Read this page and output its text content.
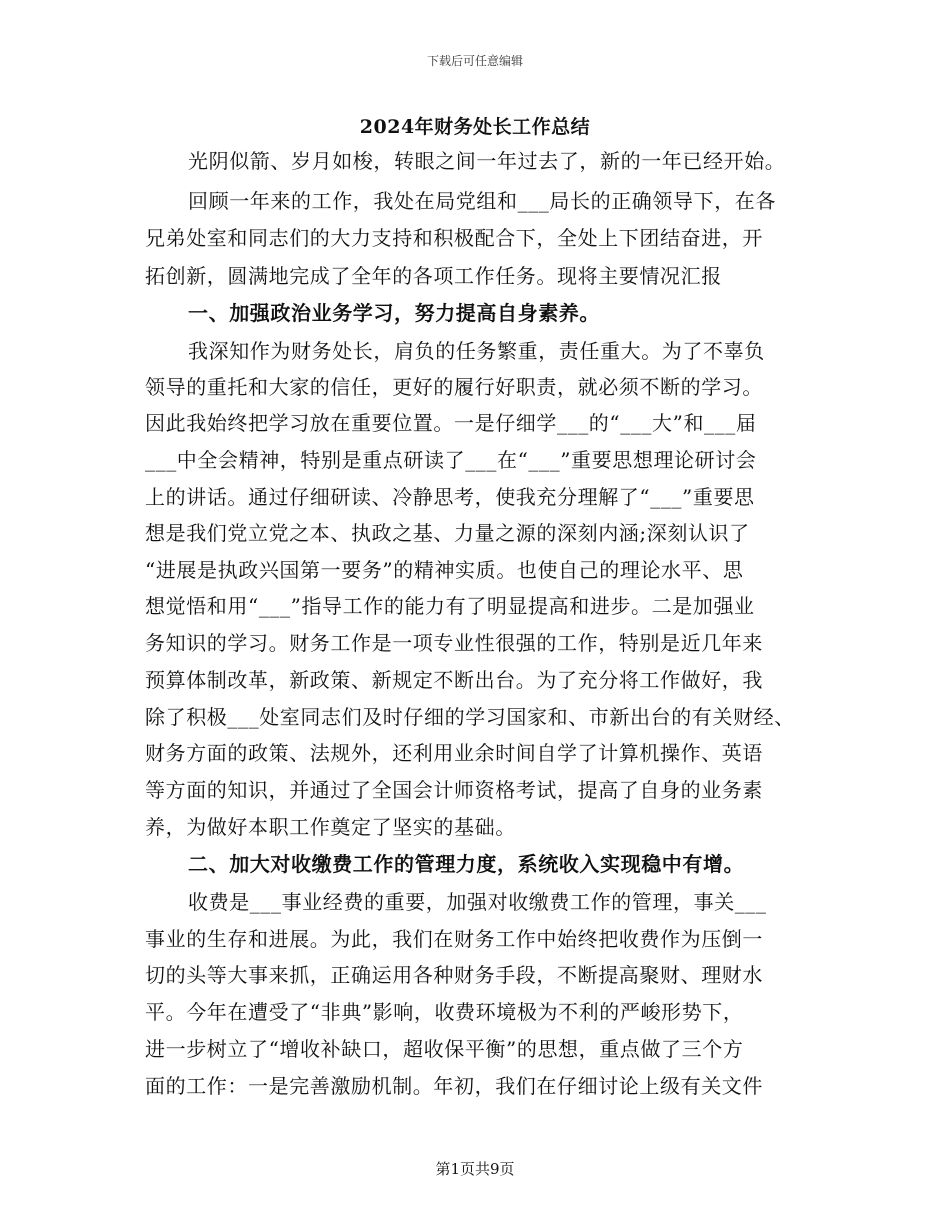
下载后可任意编辑
2024年财务处长工作总结
光阴似箭、岁月如梭，转眼之间一年过去了，新的一年已经开始。
回顾一年来的工作，我处在局党组和___局长的正确领导下，在各
兄弟处室和同志们的大力支持和积极配合下，全处上下团结奋进，开
拓创新，圆满地完成了全年的各项工作任务。现将主要情况汇报
一、加强政治业务学习，努力提高自身素养。
我深知作为财务处长，肩负的任务繁重，责任重大。为了不辜负
领导的重托和大家的信任，更好的履行好职责，就必须不断的学习。
因此我始终把学习放在重要位置。一是仔细学___的“___大”和___届
___中全会精神，特别是重点研读了___在“___”重要思想理论研讨会
上的讲话。通过仔细研读、冷静思考，使我充分理解了“___”重要思
想是我们党立党之本、执政之基、力量之源的深刻内涵;深刻认识了
“进展是执政兴国第一要务”的精神实质。也使自己的理论水平、思
想觉悟和用“___”指导工作的能力有了明显提高和进步。二是加强业
务知识的学习。财务工作是一项专业性很强的工作，特别是近几年来
预算体制改革，新政策、新规定不断出台。为了充分将工作做好，我
除了积极___处室同志们及时仔细的学习国家和、市新出台的有关财经、
财务方面的政策、法规外，还利用业余时间自学了计算机操作、英语
等方面的知识，并通过了全国会计师资格考试，提高了自身的业务素
养，为做好本职工作奠定了坚实的基础。
二、加大对收缴费工作的管理力度，系统收入实现稳中有增。
收费是___事业经费的重要，加强对收缴费工作的管理，事关___
事业的生存和进展。为此，我们在财务工作中始终把收费作为压倒一
切的头等大事来抓，正确运用各种财务手段，不断提高聚财、理财水
平。今年在遭受了“非典”影响，收费环境极为不利的严峻形势下，
进一步树立了“增收补缺口，超收保平衡”的思想，重点做了三个方
面的工作：一是完善激励机制。年初，我们在仔细讨论上级有关文件
第1页共9页
